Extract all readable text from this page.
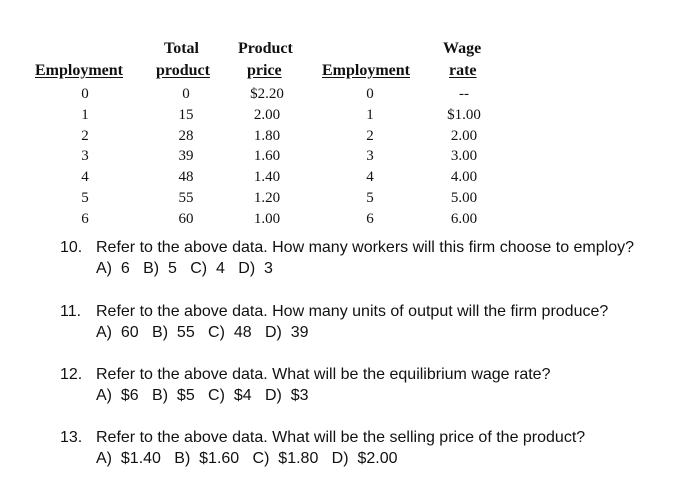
Total Product	Wage
Employment product price	Employment rate
0
1
2
3
4
5
6
0
15
28
39
48
55
60
$2.20
2.00
1.80
1.60
1.40
1.20
1.00
0
1
2
3
4
5
6
--
$1.00
2.00
3.00
4.00
5.00
6.00
10. Refer to the above data. How many workers will this firm choose to employ?
A)  6   B)  5   C)  4   D)  3
11. Refer to the above data. How many units of output will the firm produce?
A)  60   B)  55   C)  48   D)  39
12. Refer to the above data. What will be the equilibrium wage rate?
A)  $6   B)  $5   C)  $4   D)  $3
13. Refer to the above data. What will be the selling price of the product?
A)  $1.40   B)  $1.60   C)  $1.80   D)  $2.00
